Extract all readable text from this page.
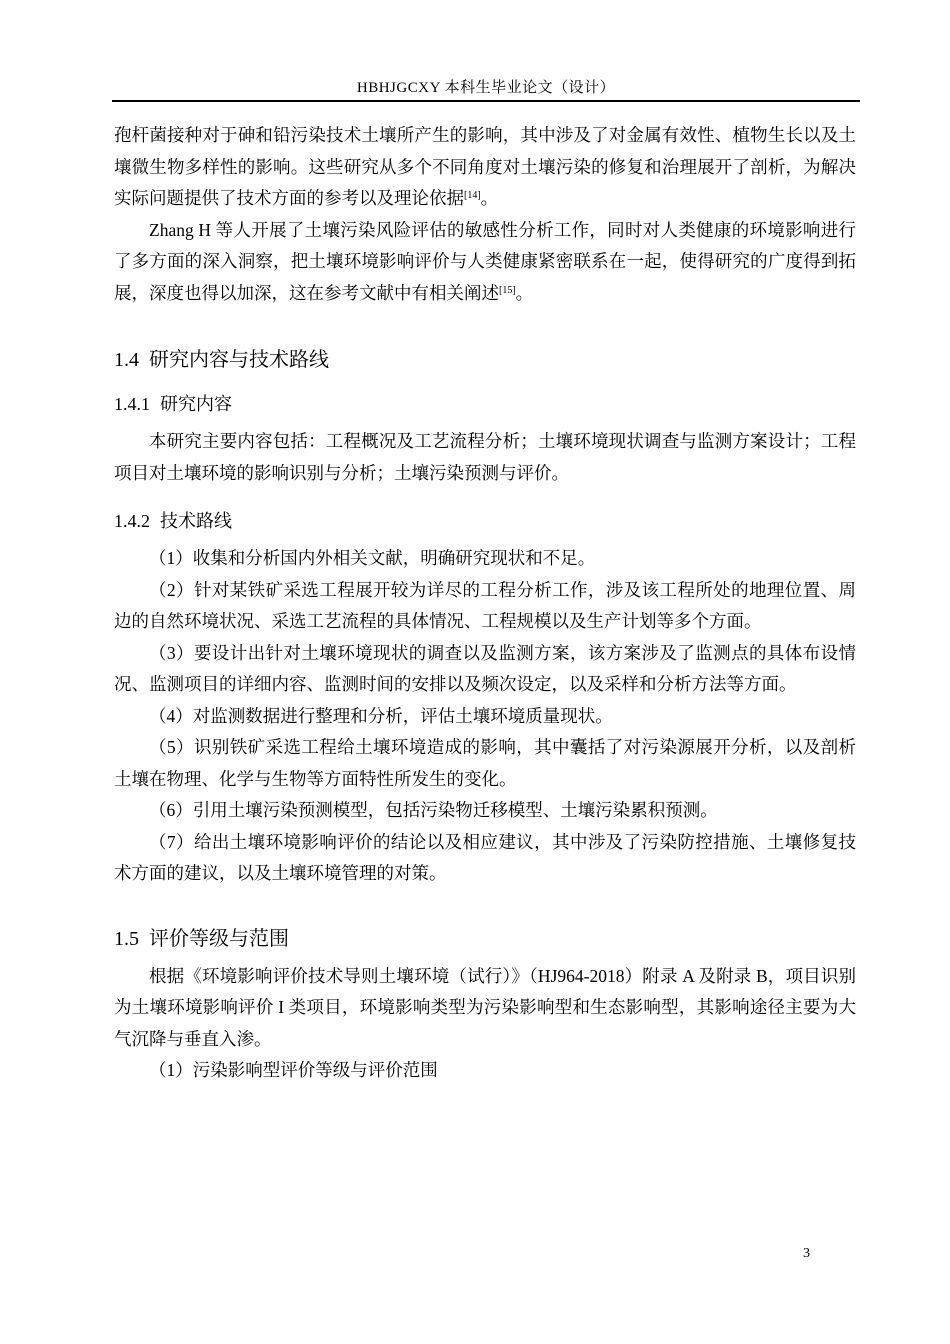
HBHJGCXY 本科生毕业论文（设计）

孢杆菌接种对于砷和铅污染技术土壤所产生的影响，其中涉及了对金属有效性、植物生长以及土壤微生物多样性的影响。这些研究从多个不同角度对土壤污染的修复和治理展开了剖析，为解决实际问题提供了技术方面的参考以及理论依据[14]。

Zhang H 等人开展了土壤污染风险评估的敏感性分析工作，同时对人类健康的环境影响进行了多方面的深入洞察，把土壤环境影响评价与人类健康紧密联系在一起，使得研究的广度得到拓展，深度也得以加深，这在参考文献中有相关阐述[15]。

1.4 研究内容与技术路线
1.4.1 研究内容

本研究主要内容包括：工程概况及工艺流程分析；土壤环境现状调查与监测方案设计；工程项目对土壤环境的影响识别与分析；土壤污染预测与评价。

1.4.2 技术路线

（1）收集和分析国内外相关文献，明确研究现状和不足。

（2）针对某铁矿采选工程展开较为详尽的工程分析工作，涉及该工程所处的地理位置、周边的自然环境状况、采选工艺流程的具体情况、工程规模以及生产计划等多个方面。

（3）要设计出针对土壤环境现状的调查以及监测方案，该方案涉及了监测点的具体布设情况、监测项目的详细内容、监测时间的安排以及频次设定，以及采样和分析方法等方面。

（4）对监测数据进行整理和分析，评估土壤环境质量现状。

（5）识别铁矿采选工程给土壤环境造成的影响，其中囊括了对污染源展开分析，以及剖析土壤在物理、化学与生物等方面特性所发生的变化。

（6）引用土壤污染预测模型，包括污染物迁移模型、土壤污染累积预测。

（7）给出土壤环境影响评价的结论以及相应建议，其中涉及了污染防控措施、土壤修复技术方面的建议，以及土壤环境管理的对策。

1.5 评价等级与范围

根据《环境影响评价技术导则土壤环境（试行）》（HJ964-2018）附录 A 及附录 B，项目识别为土壤环境影响评价 I 类项目，环境影响类型为污染影响型和生态影响型，其影响途径主要为大气沉降与垂直入渗。

（1）污染影响型评价等级与评价范围

3
